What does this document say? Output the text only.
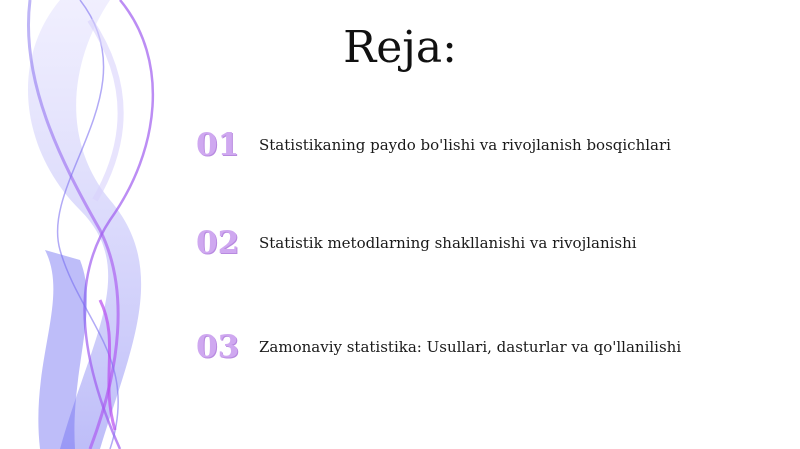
Reja:
01	Statistikaning paydo bo'lishi va rivojlanish bosqichlari
02	Statistik metodlarning shakllanishi va rivojlanishi
03	Zamonaviy statistika: Usullari, dasturlar va qo'llanilishi
